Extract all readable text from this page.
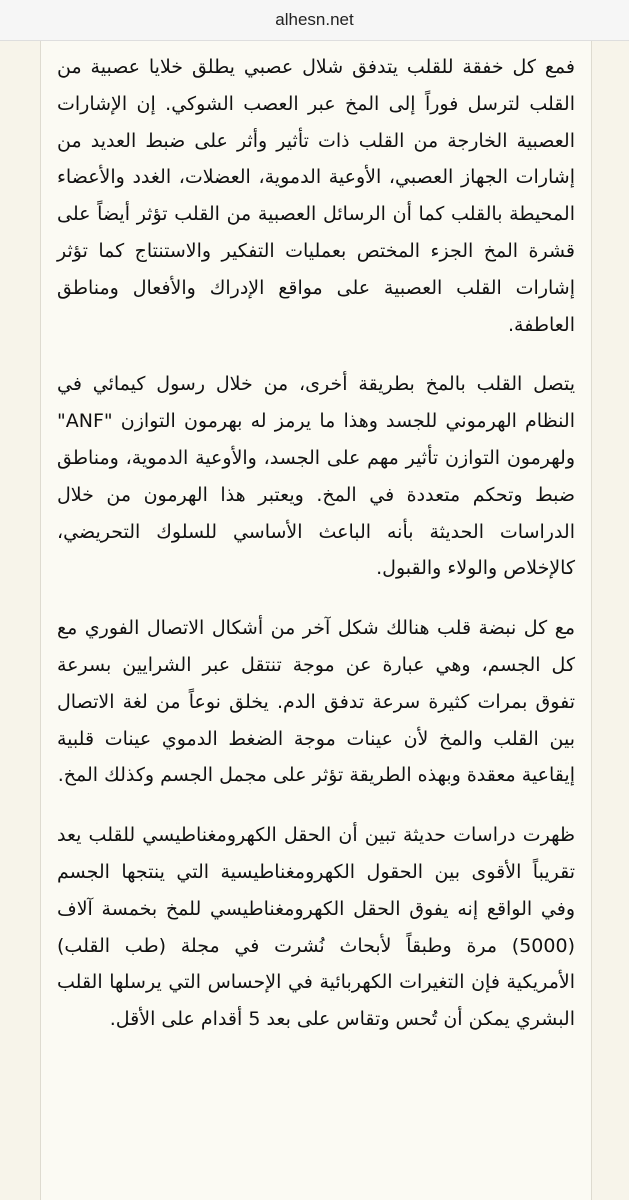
alhesn.net

فمع كل خفقة للقلب يتدفق شلال عصبي يطلق خلايا عصبية من القلب لترسل فوراً إلى المخ عبر العصب الشوكي. إن الإشارات العصبية الخارجة من القلب ذات تأثير وأثر على ضبط العديد من إشارات الجهاز العصبي، الأوعية الدموية، العضلات، الغدد والأعضاء المحيطة بالقلب كما أن الرسائل العصبية من القلب تؤثر أيضاً على قشرة المخ الجزء المختص بعمليات التفكير والاستنتاج كما تؤثر إشارات القلب العصبية على مواقع الإدراك والأفعال ومناطق العاطفة.

يتصل القلب بالمخ بطريقة أخرى، من خلال رسول كيمائي في النظام الهرموني للجسد وهذا ما يرمز له بهرمون التوازن "ANF" ولهرمون التوازن تأثير مهم على الجسد، والأوعية الدموية، ومناطق ضبط وتحكم متعددة في المخ. ويعتبر هذا الهرمون من خلال الدراسات الحديثة بأنه الباعث الأساسي للسلوك التحريضي، كالإخلاص والولاء والقبول.

مع كل نبضة قلب هنالك شكل آخر من أشكال الاتصال الفوري مع كل الجسم، وهي عبارة عن موجة تنتقل عبر الشرايين بسرعة تفوق بمرات كثيرة سرعة تدفق الدم. يخلق نوعاً من لغة الاتصال بين القلب والمخ لأن عينات موجة الضغط الدموي عينات قلبية إيقاعية معقدة وبهذه الطريقة تؤثر على مجمل الجسم وكذلك المخ.

ظهرت دراسات حديثة تبين أن الحقل الكهرومغناطيسي للقلب يعد تقريباً الأقوى بين الحقول الكهرومغناطيسية التي ينتجها الجسم وفي الواقع إنه يفوق الحقل الكهرومغناطيسي للمخ بخمسة آلاف (5000) مرة وطبقاً لأبحاث نُشرت في مجلة (طب القلب) الأمريكية فإن التغيرات الكهربائية في الإحساس التي يرسلها القلب البشري يمكن أن تُحس وتقاس على بعد 5 أقدام على الأقل.
